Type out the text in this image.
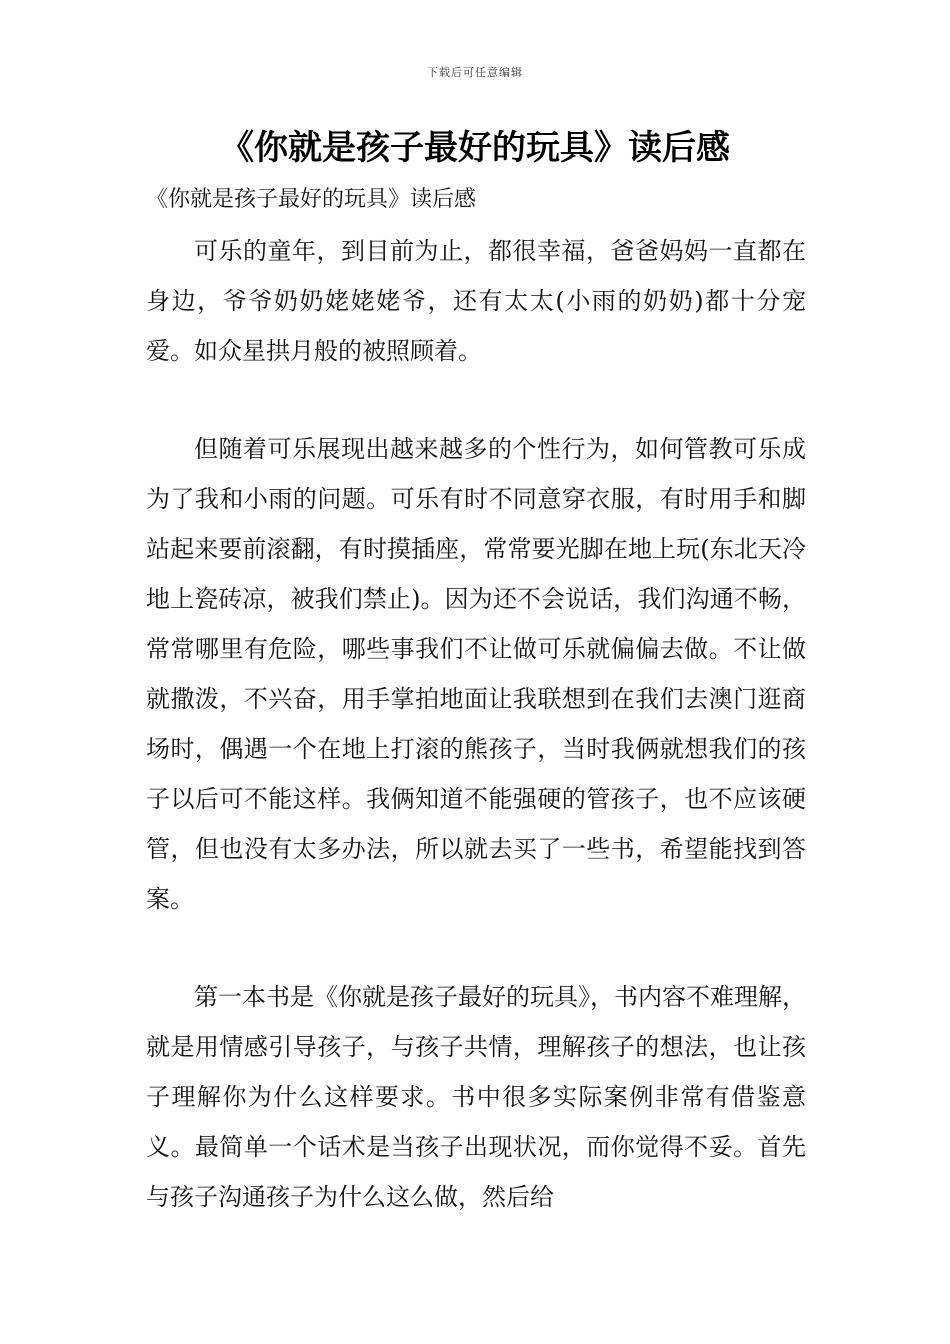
下载后可任意编辑
《你就是孩子最好的玩具》读后感

《你就是孩子最好的玩具》读后感

可乐的童年，到目前为止，都很幸福，爸爸妈妈一直都在身边，爷爷奶奶姥姥姥爷，还有太太(小雨的奶奶)都十分宠爱。如众星拱月般的被照顾着。

但随着可乐展现出越来越多的个性行为，如何管教可乐成为了我和小雨的问题。可乐有时不同意穿衣服，有时用手和脚站起来要前滚翻，有时摸插座，常常要光脚在地上玩(东北天冷地上瓷砖凉，被我们禁止)。因为还不会说话，我们沟通不畅，常常哪里有危险，哪些事我们不让做可乐就偏偏去做。不让做就撒泼，不兴奋，用手掌拍地面让我联想到在我们去澳门逛商场时，偶遇一个在地上打滚的熊孩子，当时我俩就想我们的孩子以后可不能这样。我俩知道不能强硬的管孩子，也不应该硬管，但也没有太多办法，所以就去买了一些书，希望能找到答案。

第一本书是《你就是孩子最好的玩具》，书内容不难理解，就是用情感引导孩子，与孩子共情，理解孩子的想法，也让孩子理解你为什么这样要求。书中很多实际案例非常有借鉴意义。最简单一个话术是当孩子出现状况，而你觉得不妥。首先与孩子沟通孩子为什么这么做，然后给
